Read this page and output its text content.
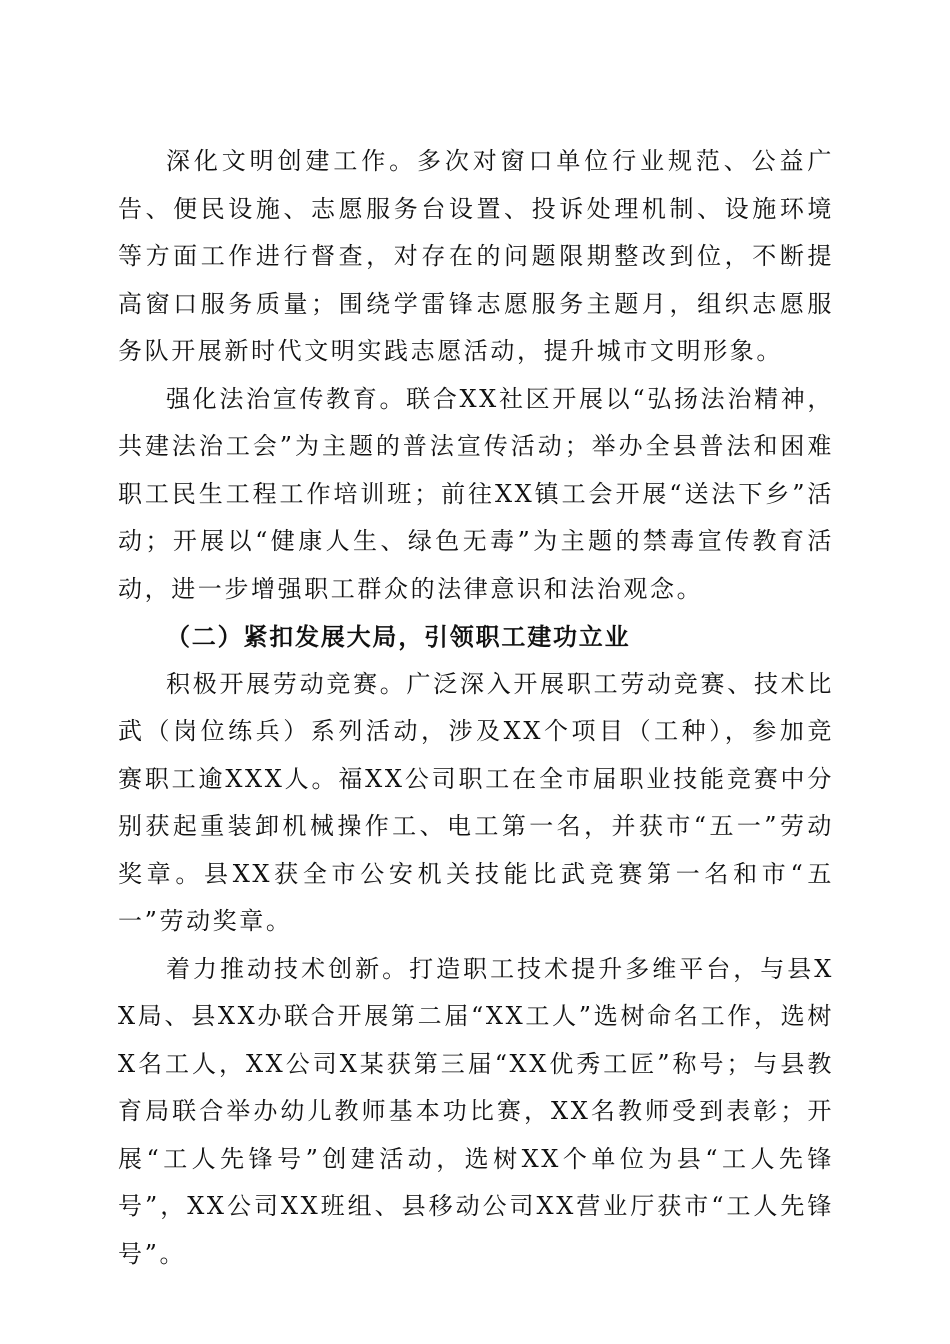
深化文明创建工作。多次对窗口单位行业规范、公益广告、便民设施、志愿服务台设置、投诉处理机制、设施环境等方面工作进行督查，对存在的问题限期整改到位，不断提高窗口服务质量；围绕学雷锋志愿服务主题月，组织志愿服务队开展新时代文明实践志愿活动，提升城市文明形象。

强化法治宣传教育。联合XX社区开展以“弘扬法治精神，共建法治工会”为主题的普法宣传活动；举办全县普法和困难职工民生工程工作培训班；前往XX镇工会开展“送法下乡”活动；开展以“健康人生、绿色无毒”为主题的禁毒宣传教育活动，进一步增强职工群众的法律意识和法治观念。

（二）紧扣发展大局，引领职工建功立业

积极开展劳动竞赛。广泛深入开展职工劳动竞赛、技术比武（岗位练兵）系列活动，涉及XX个项目（工种），参加竞赛职工逾XXX人。福XX公司职工在全市届职业技能竞赛中分别获起重装卸机械操作工、电工第一名，并获市“五一”劳动奖章。县XX获全市公安机关技能比武竞赛第一名和市“五一”劳动奖章。

着力推动技术创新。打造职工技术提升多维平台，与县XX局、县XX办联合开展第二届“XX工人”选树命名工作，选树X名工人，XX公司X某获第三届“XX优秀工匠”称号；与县教育局联合举办幼儿教师基本功比赛，XX名教师受到表彰；开展“工人先锋号”创建活动，选树XX个单位为县“工人先锋号”，XX公司XX班组、县移动公司XX营业厅获市“工人先锋号”。
